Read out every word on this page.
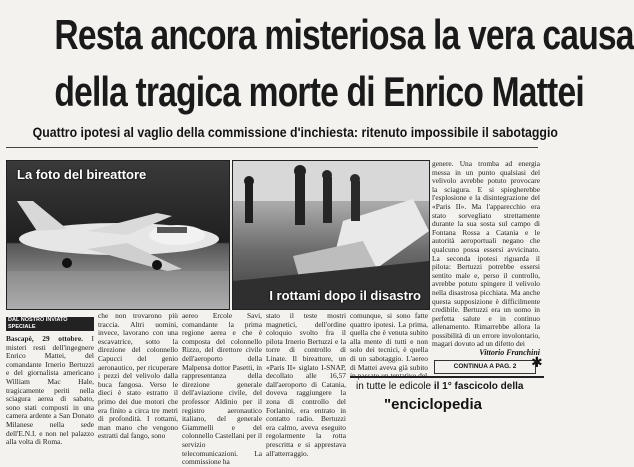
Resta ancora misteriosa la vera causa
della tragica morte di Enrico Mattei
Quattro ipotesi al vaglio della commissione d'inchiesta: ritenuto impossibile il sabotaggio
La foto del bireattore
I rottami dopo il disastro
DAL NOSTRO INVIATO SPECIALE

Bascapè, 29 ottobre. I misteri resti dell'ingegnere Enrico Mattei, del comandante Irnerio Bertuzzi e del giornalista americano William Mac Hale, tragicamente periti nella sciagura aerea di sabato, sono stati composti in una camera ardente a San Donato Milanese nella sede dell'E.N.I. e non nel palazzo alla volta di Roma.

che non trovarono più traccia. Altri uomini, invece, lavorano con una escavatrice, sotto la direzione del colonnello Capucci del genio aeronautico, per ricuperare i pezzi del velivolo dalla buca fangosa. Verso le dieci è stato estratto il primo dei due motori che era finito a circa tre metri di profondità. I rottami, man mano che vengono estratti dal fango, sono

aereo Ercole Savi, comandante la prima regione aerea e che è composta del colonnello Rizzo, del direttore civile dell'aeroporto della Malpensa dottor Pasetti, in rappresentanza della direzione generale dell'aviazione civile, del professor Aldinio per il registro aeronautico italiano, del generale Giammelli e del colonnello Castellani per il servizio telecomunicazioni. La commissione ha

stato il teste mostri magnetici, dell'ordine coloquio svolto fra il pilota Irnerio Bertuzzi e la torre di controllo di Linate. Il bireattore, un «Paris II» siglato I-SNAP, decollato alle 16,57 dall'aeroporto di Catania, doveva raggiungere la zona di controllo del Forlanini, era entrato in contatto radio. Bertuzzi era calmo, aveva eseguito regolarmente la rotta prescritta e si apprestava all'atterraggio.

comunque, si sono fatte quattro ipotesi. La prima, quella che è venuta subito alla mente di tutti e non solo dei tecnici, è quella di un sabotaggio. L'aereo di Mattei aveva già subito

genere. Una tromba ad energia messa in un punto qualsiasi del velivolo avrebbe potuto provocare la sciagura. E si spiegherebbe l'esplosione e la disintegrazione del «Paris II». Ma l'apparecchio era stato sorvegliato strettamente durante la sua sosta sul campo di Fontana Rossa a Catania e le autorità aeroportuali negano che qualcuno possa essersi avvicinato. La seconda ipotesi riguarda il pilota: Bertuzzi potrebbe essersi sentito male e, perso il controllo, avrebbe potuto spingere il velivolo nella disastrosa picchiata. Ma anche questa supposizione è difficilmente credibile. Bertuzzi era un uomo in perfetta salute e in continuo allenamento. Rimarrebbe allora la possibilità di un errore involontario, magari dovuto ad un difetto dei

Vittorio Franchini
CONTINUA A PAG. 2	✱
in tutte le edicole il 1° fascicolo della
"enciclopedia
